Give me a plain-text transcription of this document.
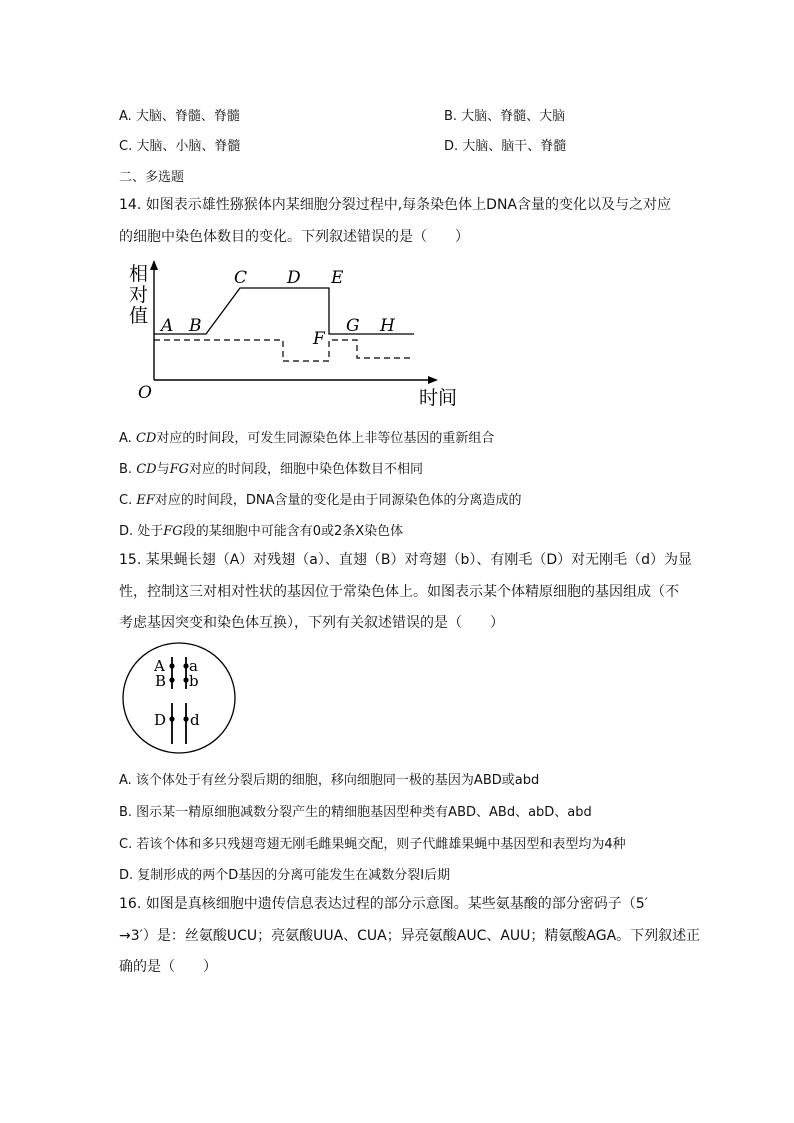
A. 大脑、脊髓、脊髓	B. 大脑、脊髓、大脑
C. 大脑、小脑、脊髓	D. 大脑、脑干、脊髓
二、多选题
14. 如图表示雄性猕猴体内某细胞分裂过程中,每条染色体上DNA含量的变化以及与之对应
的细胞中染色体数目的变化。下列叙述错误的是（　　）
相
对
值
时间
O
A B
C D E
F
G H
A. CD对应的时间段，可发生同源染色体上非等位基因的重新组合
B. CD与FG对应的时间段，细胞中染色体数目不相同
C. EF对应的时间段，DNA含量的变化是由于同源染色体的分离造成的
D. 处于FG段的某细胞中可能含有0或2条X染色体
15. 某果蝇长翅（A）对残翅（a）、直翅（B）对弯翅（b）、有刚毛（D）对无刚毛（d）为显
性，控制这三对相对性状的基因位于常染色体上。如图表示某个体精原细胞的基因组成（不
考虑基因突变和染色体互换），下列有关叙述错误的是（　　）
A a
B b
D d
A. 该个体处于有丝分裂后期的细胞，移向细胞同一极的基因为ABD或abd
B. 图示某一精原细胞减数分裂产生的精细胞基因型种类有ABD、ABd、abD、abd
C. 若该个体和多只残翅弯翅无刚毛雌果蝇交配，则子代雌雄果蝇中基因型和表型均为4种
D. 复制形成的两个D基因的分离可能发生在减数分裂Ⅰ后期
16. 如图是真核细胞中遗传信息表达过程的部分示意图。某些氨基酸的部分密码子（5′
→3′）是：丝氨酸UCU；亮氨酸UUA、CUA；异亮氨酸AUC、AUU；精氨酸AGA。下列叙述正
确的是（　　）
